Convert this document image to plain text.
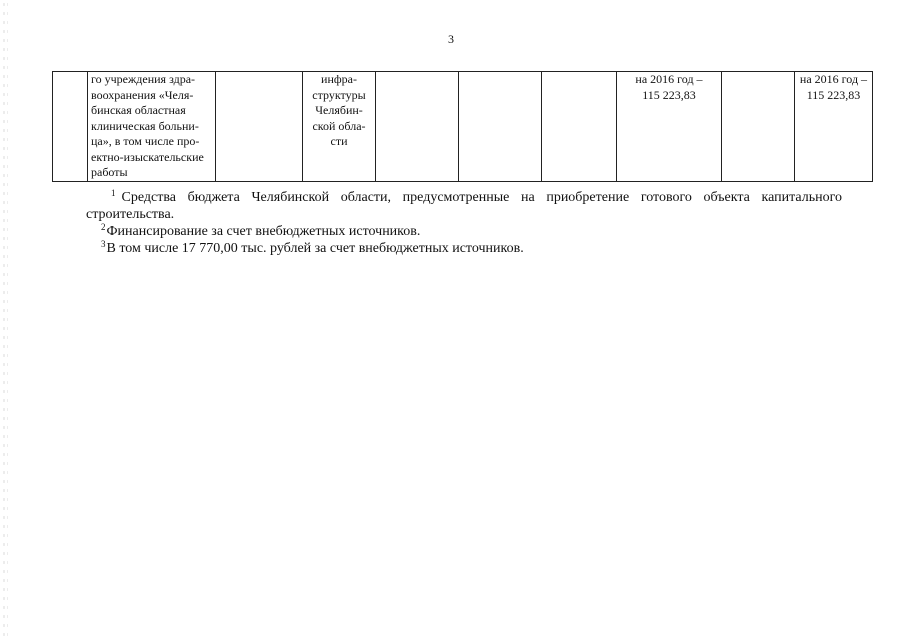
3
	го учреждения здра-
воохранения «Челя-
бинская областная
клиническая больни-
ца», в том числе про-
ектно-изыскательские
работы		инфра-
структуры
Челябин-
ской обла-
сти				на 2016 год –
115 223,83		на 2016 год –
115 223,83

$^1$ Средства бюджета Челябинской области, предусмотренные на приобретение готового объекта капитального строительства.

$^2$Финансирование за счет внебюджетных источников.

$^3$В том числе 17 770,00 тыс. рублей за счет внебюджетных источников.
